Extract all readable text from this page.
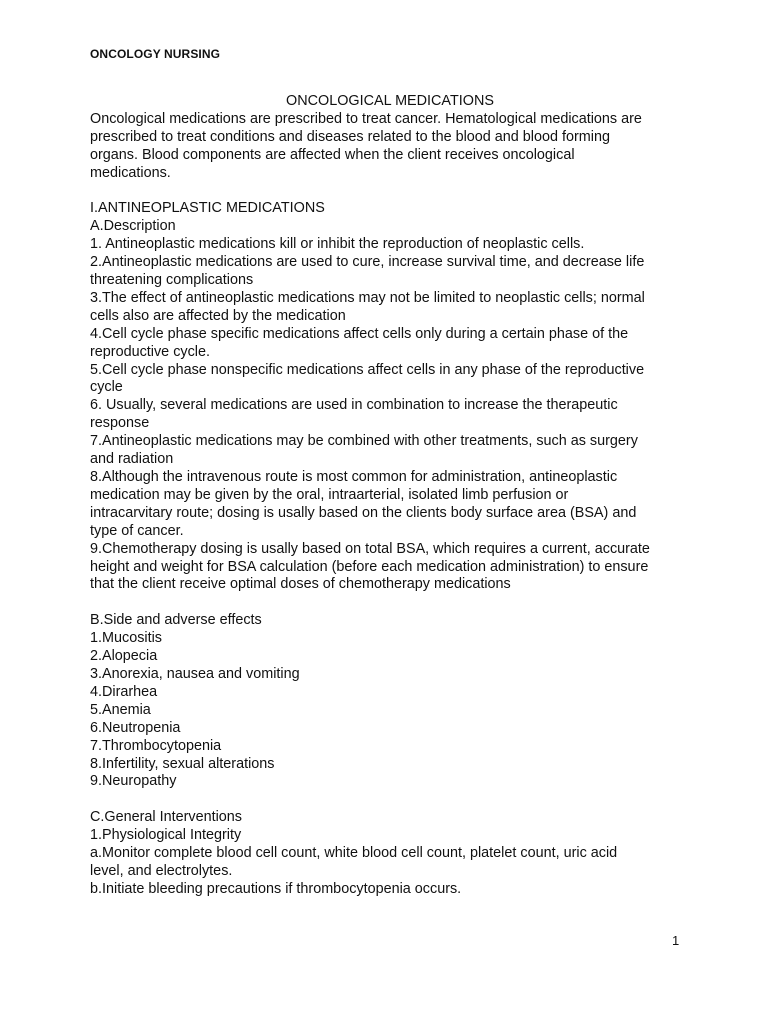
ONCOLOGY NURSING
ONCOLOGICAL MEDICATIONS
Oncological medications are prescribed to treat cancer. Hematological medications are
prescribed to treat conditions and diseases related to the blood and blood forming
organs. Blood components are affected when the client receives oncological
medications.
I.ANTINEOPLASTIC MEDICATIONS
A.Description
1. Antineoplastic medications kill or inhibit the reproduction of neoplastic cells.
2.Antineoplastic medications are used to cure, increase survival time, and decrease life
threatening complications
3.The effect of antineoplastic medications may not be limited to neoplastic cells; normal
cells also are affected by the medication
4.Cell cycle phase specific medications affect cells only during a certain phase of the
reproductive cycle.
5.Cell cycle phase nonspecific medications affect cells in any phase of the reproductive
cycle
6. Usually, several medications are used in combination to increase the therapeutic
response
7.Antineoplastic medications may be combined with other treatments, such as surgery
and radiation
8.Although the intravenous route is most common for administration, antineoplastic
medication may be given by the oral, intraarterial, isolated limb perfusion or
intracarvitary route; dosing is usally based on the clients body surface area (BSA) and
type of cancer.
9.Chemotherapy dosing is usally based on total BSA, which requires a current, accurate
height and weight for BSA calculation (before each medication administration) to ensure
that the client receive optimal doses of chemotherapy medications
B.Side and adverse effects
1.Mucositis
2.Alopecia
3.Anorexia, nausea and vomiting
4.Dirarhea
5.Anemia
6.Neutropenia
7.Thrombocytopenia
8.Infertility, sexual alterations
9.Neuropathy
C.General Interventions
1.Physiological Integrity
a.Monitor complete blood cell count, white blood cell count, platelet count, uric acid
level, and electrolytes.
b.Initiate bleeding precautions if thrombocytopenia occurs.
1
